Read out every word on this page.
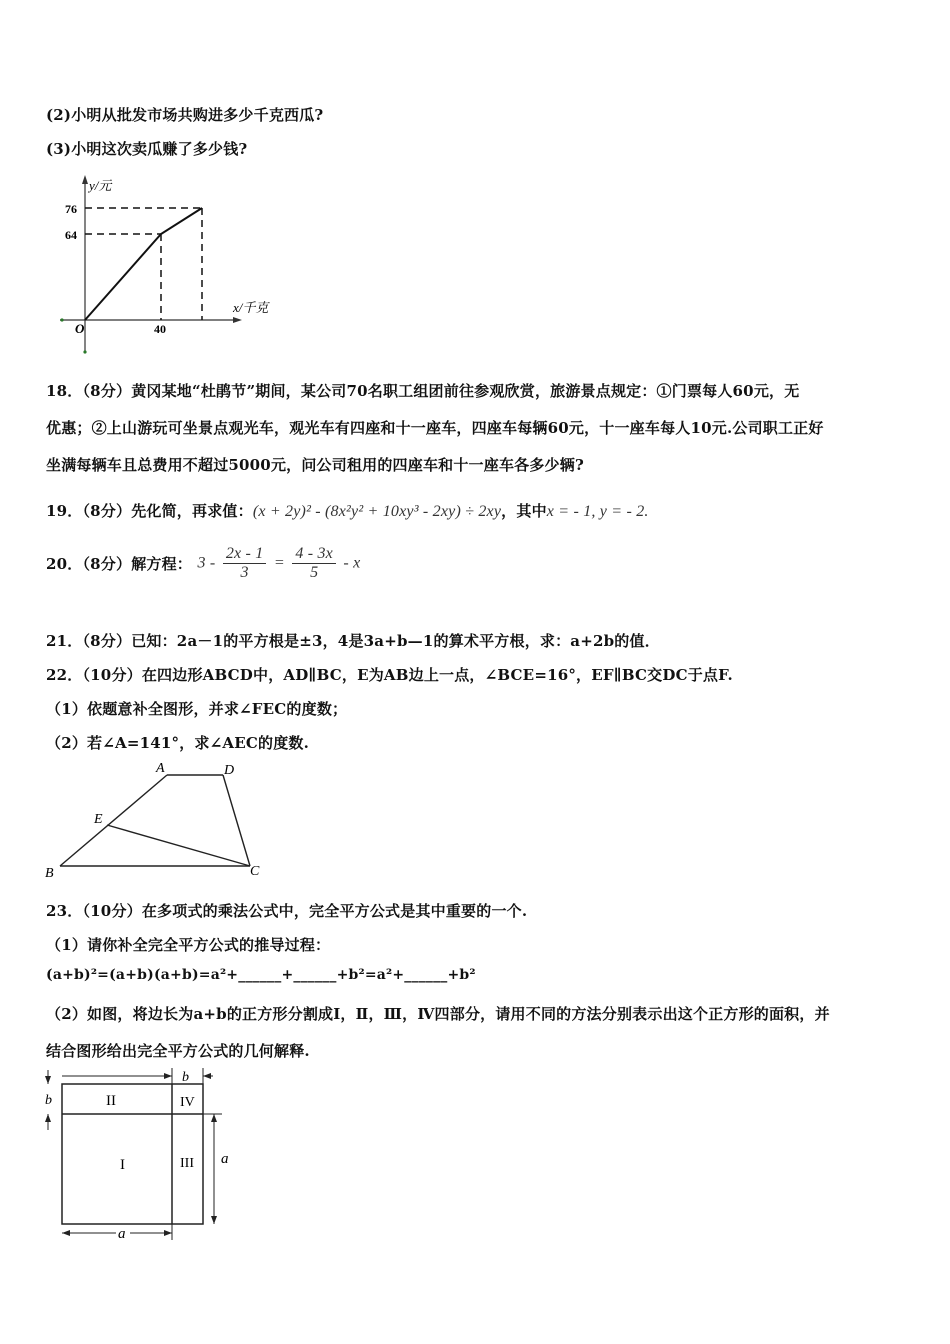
(2)小明从批发市场共购进多少千克西瓜?
(3)小明这次卖瓜赚了多少钱?
y/元
x/千克
O
76
64
40
18．（8分）黄冈某地“杜鹃节”期间，某公司70名职工组团前往参观欣赏，旅游景点规定：①门票每人60元，无
优惠；②上山游玩可坐景点观光车，观光车有四座和十一座车，四座车每辆60元，十一座车每人10元.公司职工正好
坐满每辆车且总费用不超过5000元，问公司租用的四座车和十一座车各多少辆?
19．（8分）先化简，再求值：(x + 2y)² - (8x²y² + 10xy³ - 2xy) ÷ 2xy，其中x = - 1, y = - 2.
20．（8分）解方程： $3 - \frac{2x - 1}{3} = \frac{4 - 3x}{5} - x$
21．（8分）已知：2a－1的平方根是±3，4是3a+b—1的算术平方根，求：a+2b的值．
22．（10分）在四边形ABCD中，AD∥BC，E为AB边上一点，∠BCE=16°，EF∥BC交DC于点F.
（1）依题意补全图形，并求∠FEC的度数；
（2）若∠A=141°，求∠AEC的度数.
A	D
E
B	C
23．（10分）在多项式的乘法公式中，完全平方公式是其中重要的一个.
（1）请你补全完全平方公式的推导过程：
(a+b)²=(a+b)(a+b)=a²+______+______+b²=a²+______+b²
（2）如图，将边长为a+b的正方形分割成Ⅰ，Ⅱ，Ⅲ，Ⅳ四部分，请用不同的方法分别表示出这个正方形的面积，并
结合图形给出完全平方公式的几何解释.
I
II
III
IV
b
b
a
a
